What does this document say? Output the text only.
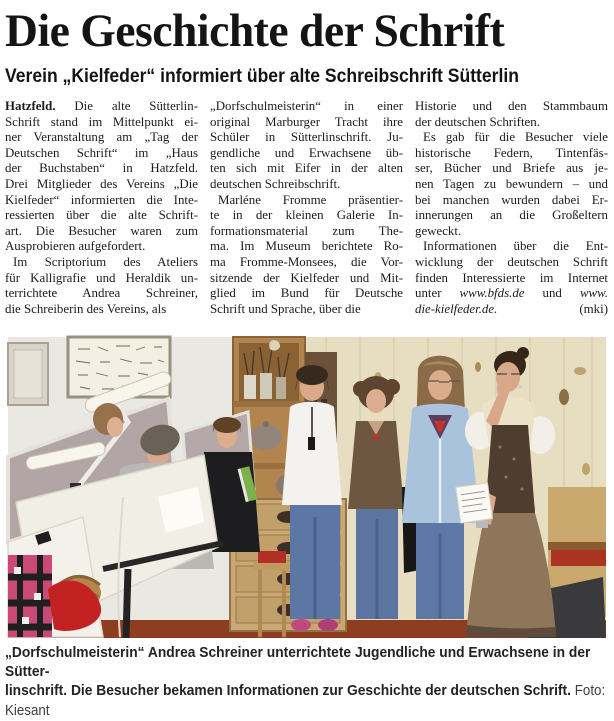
Die Geschichte der Schrift
Verein „Kielfeder“ informiert über alte Schreibschrift Sütterlin
Hatzfeld. Die alte Sütterlin-
Schrift stand im Mittelpunkt ei-
ner Veranstaltung am „Tag der
Deutschen Schrift“ im „Haus
der Buchstaben“ in Hatzfeld.
Drei Mitglieder des Vereins „Die
Kielfeder“ informierten die Inte-
ressierten über die alte Schrift-
art. Die Besucher waren zum
Ausprobieren aufgefordert.
Im Scriptorium des Ateliers
für Kalligrafie und Heraldik un-
terrichtete Andrea Schreiner,
die Schreiberin des Vereins, als
„Dorfschulmeisterin“ in einer
original Marburger Tracht ihre
Schüler in Sütterlinschrift. Ju-
gendliche und Erwachsene üb-
ten sich mit Eifer in der alten
deutschen Schreibschrift.
Marléne Fromme präsentier-
te in der kleinen Galerie In-
formationsmaterial zum The-
ma. Im Museum berichtete Ro-
ma Fromme-Monsees, die Vor-
sitzende der Kielfeder und Mit-
glied im Bund für Deutsche
Schrift und Sprache, über die
Historie und den Stammbaum
der deutschen Schriften.
Es gab für die Besucher viele
historische Federn, Tintenfäs-
ser, Bücher und Briefe aus je-
nen Tagen zu bewundern – und
bei manchen wurden dabei Er-
innerungen an die Großeltern
geweckt.
Informationen über die Ent-
wicklung der deutschen Schrift
finden Interessierte im Internet
unter www.bfds.de und www.
die-kielfeder.de.	(mki)
„Dorfschulmeisterin“ Andrea Schreiner unterrichtete Jugendliche und Erwachsene in der Sütter-
linschrift. Die Besucher bekamen Informationen zur Geschichte der deutschen Schrift. Foto: Kiesant
